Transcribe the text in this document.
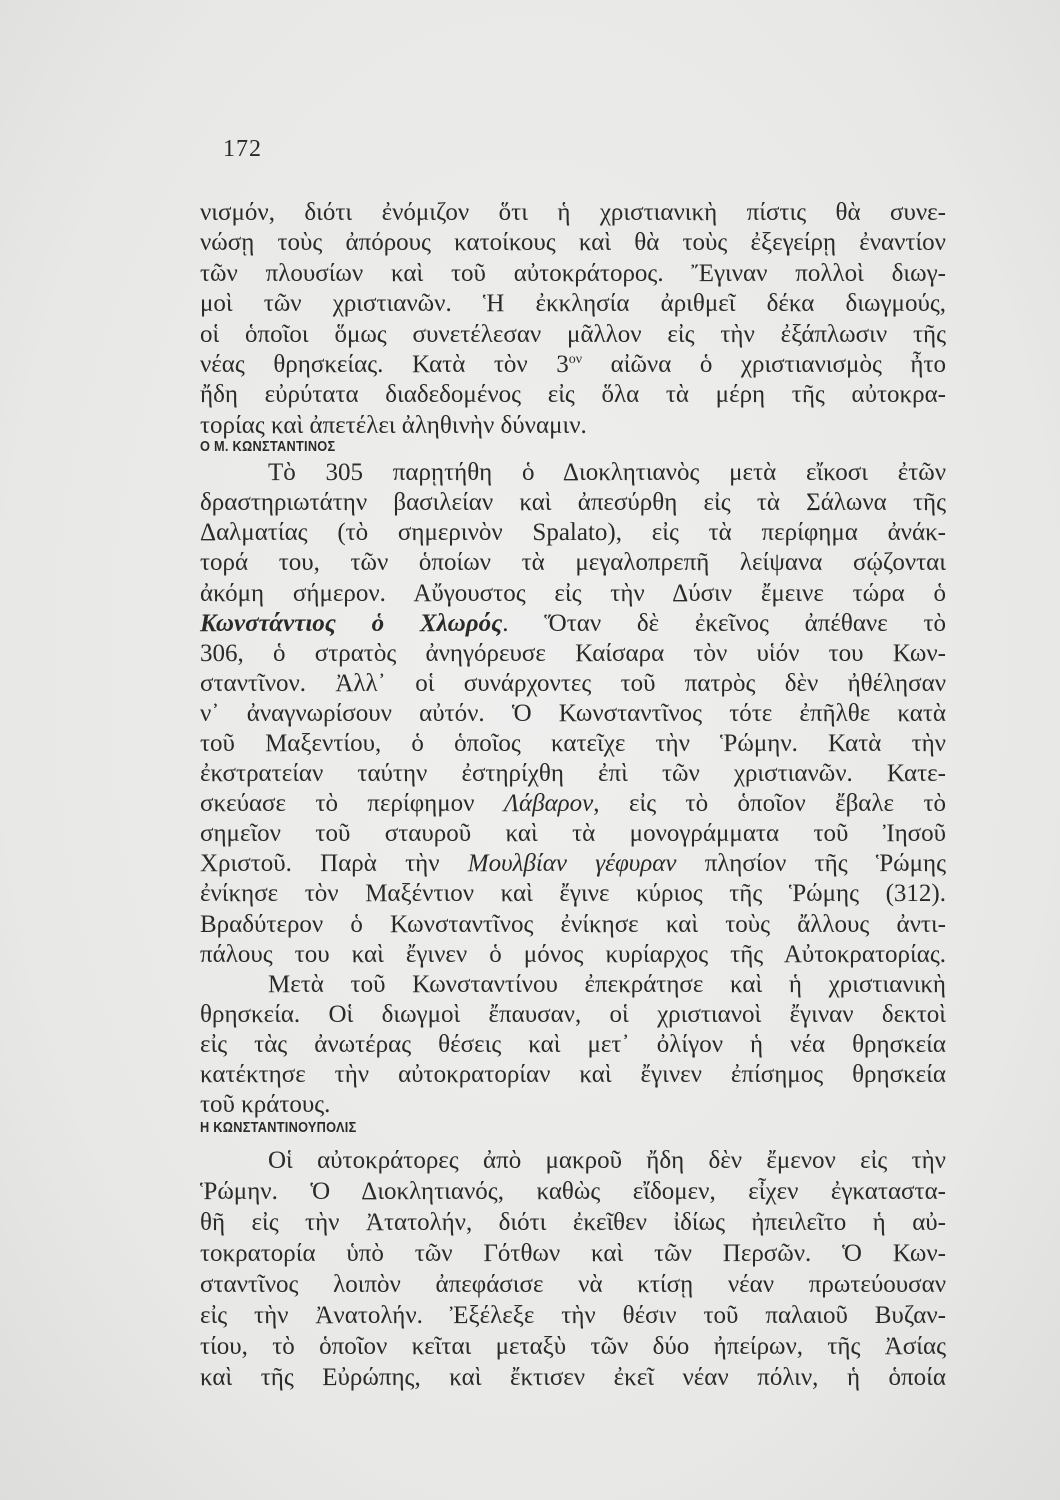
172
νισμόν, διότι ἐνόμιζον ὅτι ἡ χριστιανικὴ πίστις θὰ συνε-
νώσῃ τοὺς ἀπόρους κατοίκους καὶ θὰ τοὺς ἐξεγείρῃ ἐναντίον
τῶν πλουσίων καὶ τοῦ αὐτοκράτορος. Ἔγιναν πολλοὶ διωγ-
μοὶ τῶν χριστιανῶν. Ἡ ἐκκλησία ἀριθμεῖ δέκα διωγμούς,
οἱ ὁποῖοι ὅμως συνετέλεσαν μᾶλλον εἰς τὴν ἐξάπλωσιν τῆς
νέας θρησκείας. Κατὰ τὸν $3^{o\nu}$ αἰῶνα ὁ χριστιανισμὸς ἦτο
ἤδη εὐρύτατα διαδεδομένος εἰς ὅλα τὰ μέρη τῆς αὐτοκρα-
τορίας καὶ ἀπετέλει ἀληθινὴν δύναμιν.
Ο Μ. ΚΩΝΣΤΑΝΤΙΝΟΣ
Τὸ 305 παρῃτήθη ὁ Διοκλητιανὸς μετὰ εἴκοσι ἐτῶν
δραστηριωτάτην βασιλείαν καὶ ἀπεσύρθη εἰς τὰ Σάλωνα τῆς
Δαλματίας (τὸ σημερινὸν Spalato), εἰς τὰ περίφημα ἀνάκ-
τορά του, τῶν ὁποίων τὰ μεγαλοπρεπῆ λείψανα σῴζονται
ἀκόμη σήμερον. Αὔγουστος εἰς τὴν Δύσιν ἔμεινε τώρα ὁ
Κωνστάντιος ὁ Χλωρός. Ὅταν δὲ ἐκεῖνος ἀπέθανε τὸ
306, ὁ στρατὸς ἀνηγόρευσε Καίσαρα τὸν υἱόν του Κων-
σταντῖνον. Ἀλλ᾽ οἱ συνάρχοντες τοῦ πατρὸς δὲν ἠθέλησαν
ν᾽ ἀναγνωρίσουν αὐτόν. Ὁ Κωνσταντῖνος τότε ἐπῆλθε κατὰ
τοῦ Μαξεντίου, ὁ ὁποῖος κατεῖχε τὴν Ῥώμην. Κατὰ τὴν
ἐκστρατείαν ταύτην ἐστηρίχθη ἐπὶ τῶν χριστιανῶν. Κατε-
σκεύασε τὸ περίφημον Λάβαρον, εἰς τὸ ὁποῖον ἔβαλε τὸ
σημεῖον τοῦ σταυροῦ καὶ τὰ μονογράμματα τοῦ Ἰησοῦ
Χριστοῦ. Παρὰ τὴν Μουλβίαν γέφυραν πλησίον τῆς Ῥώμης
ἐνίκησε τὸν Μαξέντιον καὶ ἔγινε κύριος τῆς Ῥώμης (312).
Βραδύτερον ὁ Κωνσταντῖνος ἐνίκησε καὶ τοὺς ἄλλους ἀντι-
πάλους του καὶ ἔγινεν ὁ μόνος κυρίαρχος τῆς Αὐτοκρατορίας.
Μετὰ τοῦ Κωνσταντίνου ἐπεκράτησε καὶ ἡ χριστιανικὴ
θρησκεία. Οἱ διωγμοὶ ἔπαυσαν, οἱ χριστιανοὶ ἔγιναν δεκτοὶ
εἰς τὰς ἀνωτέρας θέσεις καὶ μετ᾽ ὀλίγον ἡ νέα θρησκεία
κατέκτησε τὴν αὐτοκρατορίαν καὶ ἔγινεν ἐπίσημος θρησκεία
τοῦ κράτους.
Η ΚΩΝΣΤΑΝΤΙΝΟΥΠΟΛΙΣ
Οἱ αὐτοκράτορες ἀπὸ μακροῦ ἤδη δὲν ἔμενον εἰς τὴν
Ῥώμην. Ὁ Διοκλητιανός, καθὼς εἴδομεν, εἶχεν ἐγκαταστα-
θῆ εἰς τὴν Ἀτατολήν, διότι ἐκεῖθεν ἰδίως ἠπειλεῖτο ἡ αὐ-
τοκρατορία ὑπὸ τῶν Γότθων καὶ τῶν Περσῶν. Ὁ Κων-
σταντῖνος λοιπὸν ἀπεφάσισε νὰ κτίσῃ νέαν πρωτεύουσαν
εἰς τὴν Ἀνατολήν. Ἐξέλεξε τὴν θέσιν τοῦ παλαιοῦ Βυζαν-
τίου, τὸ ὁποῖον κεῖται μεταξὺ τῶν δύο ἠπείρων, τῆς Ἀσίας
καὶ τῆς Εὐρώπης, καὶ ἔκτισεν ἐκεῖ νέαν πόλιν, ἡ ὁποία
